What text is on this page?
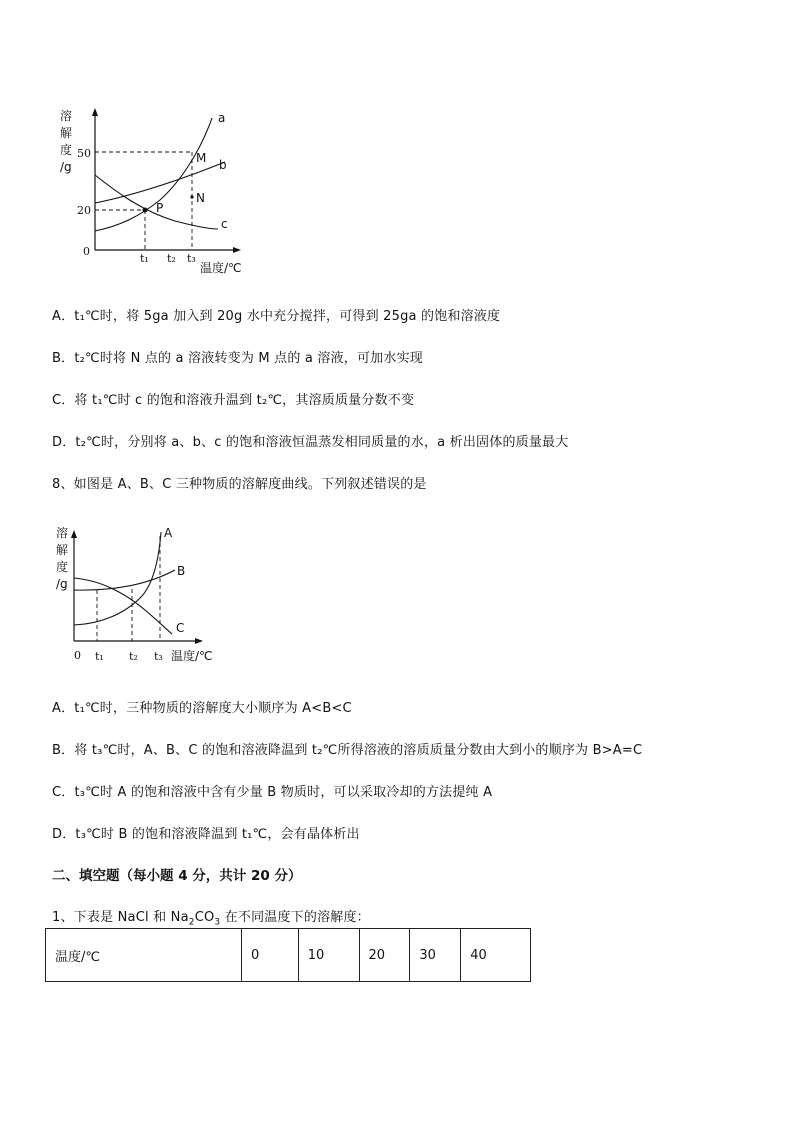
溶
解
度
/g
50
20
0
P
M
N
a
b
c
t₁ t₂ t₃
温度/℃
A．t₁℃时，将 5ga 加入到 20g 水中充分搅拌，可得到 25ga 的饱和溶液度
B．t₂℃时将 N 点的 a 溶液转变为 M 点的 a 溶液，可加水实现
C．将 t₁℃时 c 的饱和溶液升温到 t₂℃，其溶质质量分数不变
D．t₂℃时，分别将 a、b、c 的饱和溶液恒温蒸发相同质量的水，a 析出固体的质量最大
8、如图是 A、B、C 三种物质的溶解度曲线。下列叙述错误的是
溶
解
度
/g
A
B
C
0 t₁ t₂ t₃ 温度/℃
A．t₁℃时，三种物质的溶解度大小顺序为 A<B<C
B．将 t₃℃时，A、B、C 的饱和溶液降温到 t₂℃所得溶液的溶质质量分数由大到小的顺序为 B>A=C
C．t₃℃时 A 的饱和溶液中含有少量 B 物质时，可以采取冷却的方法提纯 A
D．t₃℃时 B 的饱和溶液降温到 t₁℃，会有晶体析出
二、填空题（每小题 4 分，共计 20 分）
1、下表是 NaCl 和 $Na_2CO_3$ 在不同温度下的溶解度：
温度/℃	0	10	20	30	40
